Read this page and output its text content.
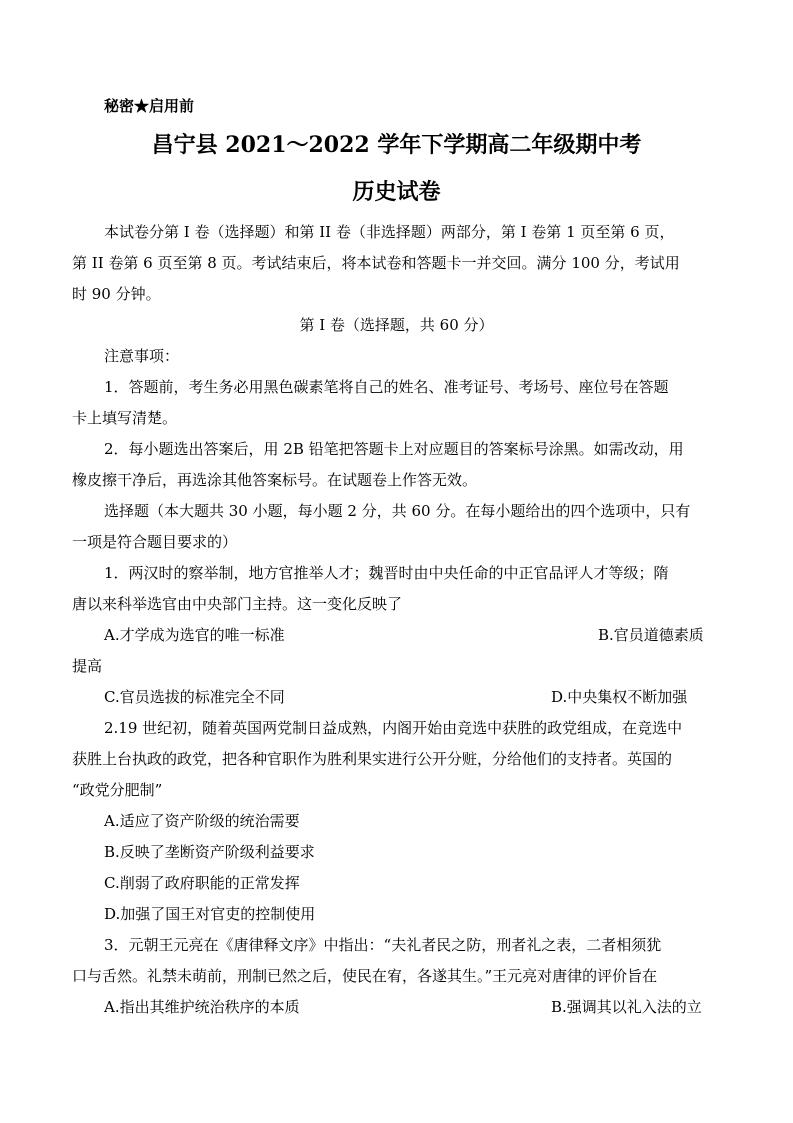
秘密★启用前
昌宁县 2021～2022 学年下学期高二年级期中考
历史试卷
本试卷分第 I 卷（选择题）和第 II 卷（非选择题）两部分，第 I 卷第 1 页至第 6 页，
第 II 卷第 6 页至第 8 页。考试结束后，将本试卷和答题卡一并交回。满分 100 分，考试用
时 90 分钟。
第 I 卷（选择题，共 60 分）
注意事项：
1．答题前，考生务必用黑色碳素笔将自己的姓名、准考证号、考场号、座位号在答题
卡上填写清楚。
2．每小题选出答案后，用 2B 铅笔把答题卡上对应题目的答案标号涂黑。如需改动，用
橡皮擦干净后，再选涂其他答案标号。在试题卷上作答无效。
选择题（本大题共 30 小题，每小题 2 分，共 60 分。在每小题给出的四个选项中，只有
一项是符合题目要求的）
1．两汉时的察举制，地方官推举人才；魏晋时由中央任命的中正官品评人才等级；隋
唐以来科举选官由中央部门主持。这一变化反映了
A.才学成为选官的唯一标准	B.官员道德素质
提高
C.官员选拔的标准完全不同	D.中央集权不断加强
2.19 世纪初，随着英国两党制日益成熟，内阁开始由竞选中获胜的政党组成，在竞选中
获胜上台执政的政党，把各种官职作为胜利果实进行公开分赃，分给他们的支持者。英国的
“政党分肥制”
A.适应了资产阶级的统治需要
B.反映了垄断资产阶级利益要求
C.削弱了政府职能的正常发挥
D.加强了国王对官吏的控制使用
3．元朝王元亮在《唐律释文序》中指出：“夫礼者民之防，刑者礼之表，二者相须犹
口与舌然。礼禁未萌前，刑制已然之后，使民在宥，各遂其生。”王元亮对唐律的评价旨在
A.指出其维护统治秩序的本质	B.强调其以礼入法的立
